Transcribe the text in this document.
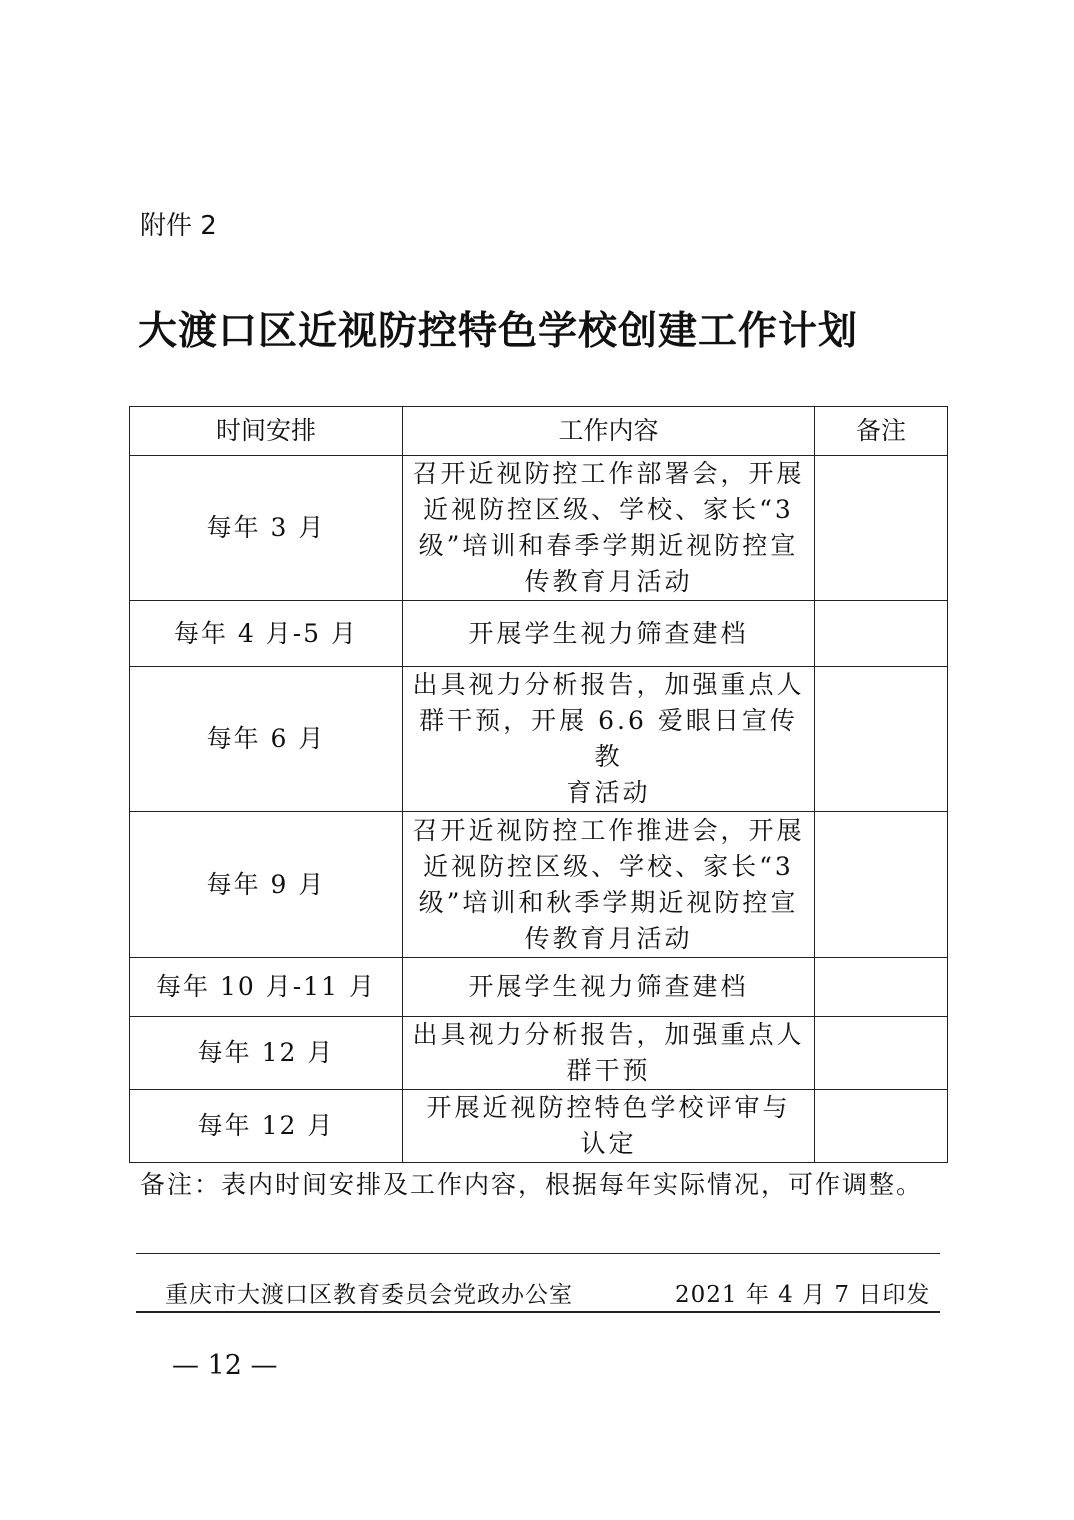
附件 2
大渡口区近视防控特色学校创建工作计划
时间安排	工作内容	备注
每年 3 月	召开近视防控工作部署会，开展
近视防控区级、学校、家长“3
级”培训和春季学期近视防控宣
传教育月活动	

每年 4 月-5 月	开展学生视力筛查建档	

每年 6 月	出具视力分析报告，加强重点人
群干预，开展 6.6 爱眼日宣传教
育活动	

每年 9 月	召开近视防控工作推进会，开展
近视防控区级、学校、家长“3
级”培训和秋季学期近视防控宣
传教育月活动	

每年 10 月-11 月	开展学生视力筛查建档	

每年 12 月	出具视力分析报告，加强重点人
群干预	

每年 12 月	开展近视防控特色学校评审与
认定	

备注：表内时间安排及工作内容，根据每年实际情况，可作调整。
重庆市大渡口区教育委员会党政办公室	2021 年 4 月 7 日印发
— 12 —
